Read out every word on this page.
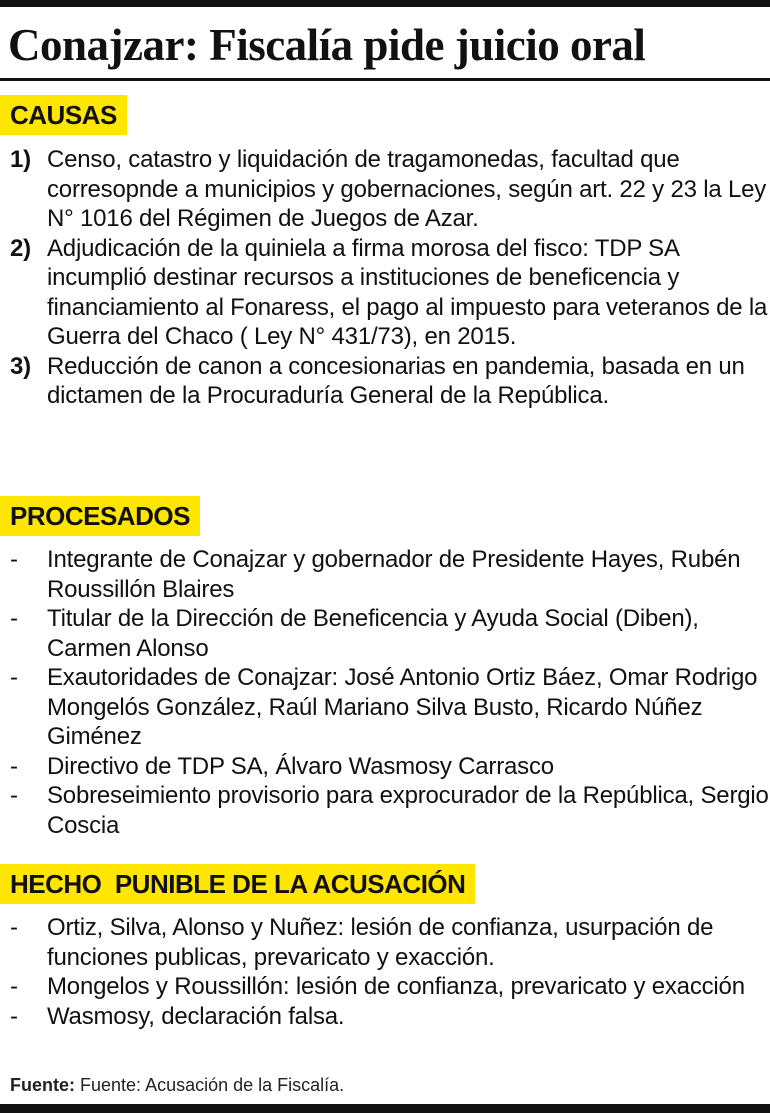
Conajzar: Fiscalía pide juicio oral
CAUSAS
1) Censo, catastro y liquidación de tragamonedas, facultad que corresopnde a municipios y gobernaciones, según art. 22 y 23 la Ley N° 1016 del Régimen de Juegos de Azar.
2) Adjudicación de la quiniela a firma morosa del fisco: TDP SA incumplió destinar recursos a instituciones de beneficencia y financiamiento al Fonaress, el pago al impuesto para veteranos de la Guerra del Chaco ( Ley N° 431/73), en 2015.
3) Reducción de canon a concesionarias en pandemia, basada en un dictamen de la Procuraduría General de la República.
PROCESADOS
- Integrante de Conajzar y gobernador de Presidente Hayes, Rubén Roussillón Blaires
- Titular de la Dirección de Beneficencia y Ayuda Social (Diben), Carmen Alonso
- Exautoridades de Conajzar: José Antonio Ortiz Báez, Omar Rodrigo Mongelós González, Raúl Mariano Silva Busto, Ricardo Núñez Giménez
- Directivo de TDP SA, Álvaro Wasmosy Carrasco
- Sobreseimiento provisorio para exprocurador de la República, Sergio Coscia
HECHO  PUNIBLE DE LA ACUSACIÓN
- Ortiz, Silva, Alonso y Nuñez: lesión de confianza, usurpación de funciones publicas, prevaricato y exacción.
- Mongelos y Roussillón: lesión de confianza, prevaricato y exacción
- Wasmosy, declaración falsa.
Fuente: Fuente: Acusación de la Fiscalía.
